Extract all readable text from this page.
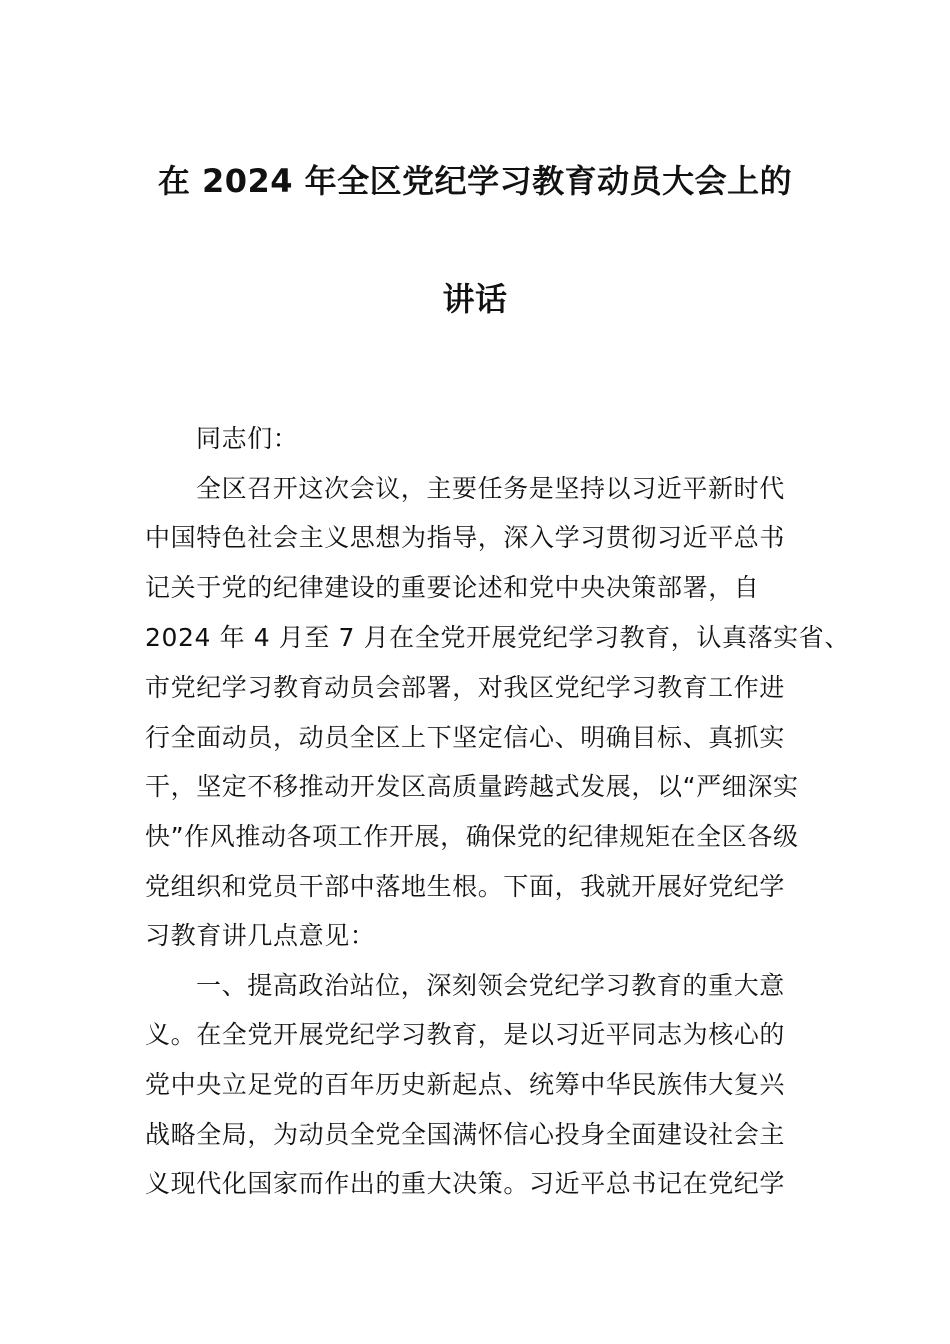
在 2024 年全区党纪学习教育动员大会上的
讲话
同志们：
全区召开这次会议，主要任务是坚持以习近平新时代
中国特色社会主义思想为指导，深入学习贯彻习近平总书
记关于党的纪律建设的重要论述和党中央决策部署，自
2024 年 4 月至 7 月在全党开展党纪学习教育，认真落实省、
市党纪学习教育动员会部署，对我区党纪学习教育工作进
行全面动员，动员全区上下坚定信心、明确目标、真抓实
干，坚定不移推动开发区高质量跨越式发展，以“严细深实
快”作风推动各项工作开展，确保党的纪律规矩在全区各级
党组织和党员干部中落地生根。下面，我就开展好党纪学
习教育讲几点意见：
一、提高政治站位，深刻领会党纪学习教育的重大意
义。在全党开展党纪学习教育，是以习近平同志为核心的
党中央立足党的百年历史新起点、统筹中华民族伟大复兴
战略全局，为动员全党全国满怀信心投身全面建设社会主
义现代化国家而作出的重大决策。习近平总书记在党纪学
